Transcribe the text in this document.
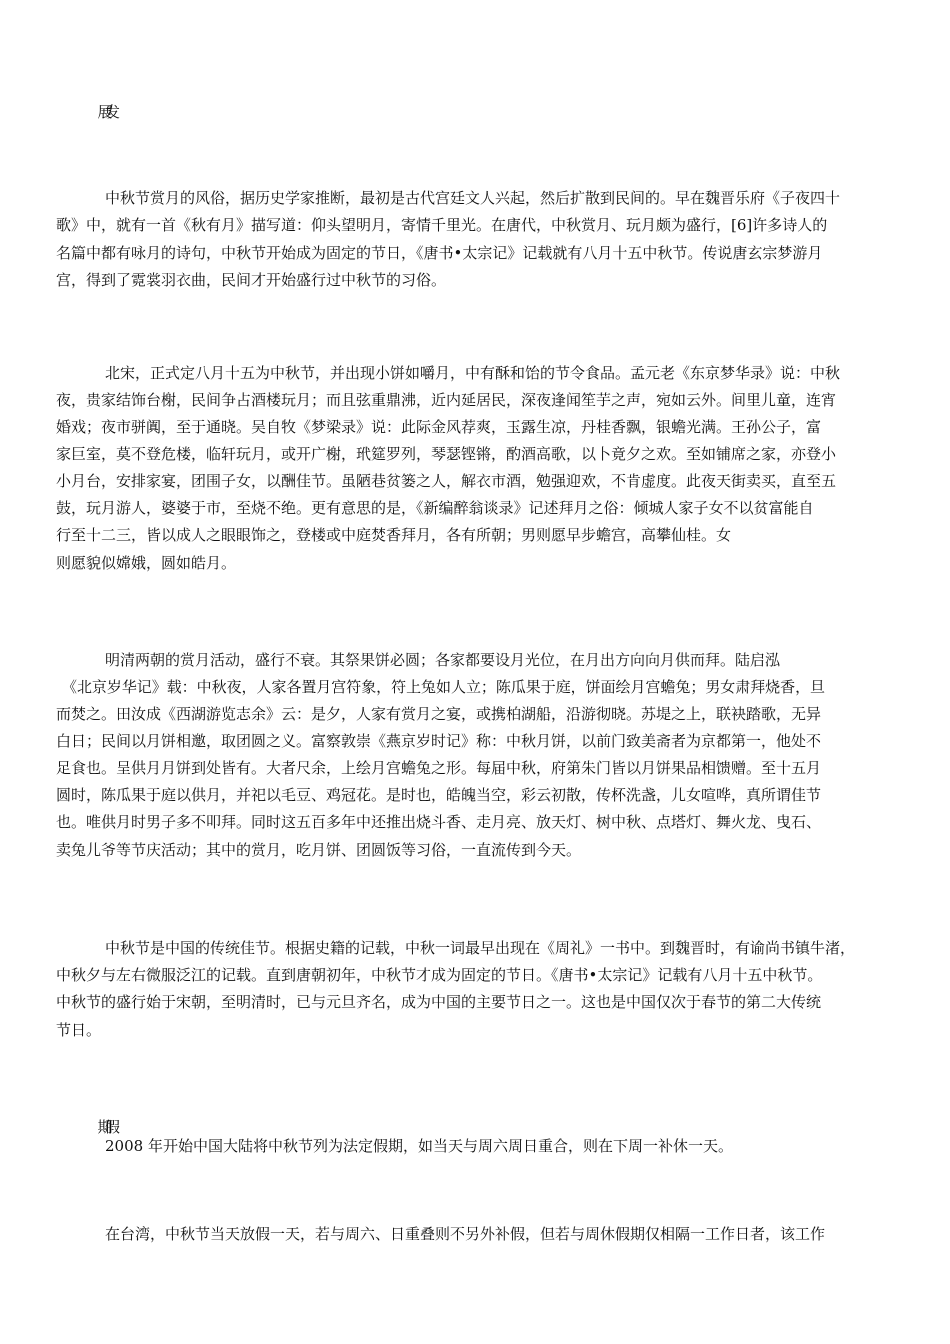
中秋节赏月的风俗，据历史学家推断，最初是古代宫廷文人兴起，然后扩散到民间的。早在魏晋乐府《子夜四十
歌》中，就有一首《秋有月》描写道：仰头望明月，寄情千里光。在唐代，中秋赏月、玩月颇为盛行，[6]许多诗人的
名篇中都有咏月的诗句，中秋节开始成为固定的节日，《唐书•太宗记》记载就有八月十五中秋节。传说唐玄宗梦游月
宫，得到了霓裳羽衣曲，民间才开始盛行过中秋节的习俗。
北宋，正式定八月十五为中秋节，并出现小饼如嚼月，中有酥和饴的节令食品。孟元老《东京梦华录》说：中秋
夜，贵家结饰台榭，民间争占酒楼玩月；而且弦重鼎沸，近内延居民，深夜逢闻笙芋之声，宛如云外。间里儿童，连宵
婚戏；夜市骈阗，至于通晓。吴自牧《梦梁录》说：此际金风荐爽，玉露生凉，丹桂香飘，银蟾光满。王孙公子，富
家巨室，莫不登危楼，临轩玩月，或开广榭，玳筵罗列，琴瑟铿锵，酌酒高歌，以卜竟夕之欢。至如铺席之家，亦登小
小月台，安排家宴，团围子女，以酬佳节。虽陋巷贫篓之人，解衣市酒，勉强迎欢，不肯虚度。此夜天街卖买，直至五
鼓，玩月游人，婆婆于市，至烧不绝。更有意思的是，《新编醉翁谈录》记述拜月之俗：倾城人家子女不以贫富能自
行至十二三，皆以成人之眼眼饰之，登楼或中庭焚香拜月，各有所朝；男则愿早步蟾宫，高攀仙桂。女
则愿貌似嫦娥，圆如皓月。
明清两朝的赏月活动，盛行不衰。其祭果饼必圆；各家都要设月光位，在月出方向向月供而拜。陆启泓
《北京岁华记》载：中秋夜，人家各置月宫符象，符上兔如人立；陈瓜果于庭，饼面绘月宫蟾兔；男女肃拜烧香，旦
而焚之。田汝成《西湖游览志余》云：是夕，人家有赏月之宴，或携柏湖船，沿游彻晓。苏堤之上，联袂踏歌，无异
白日；民间以月饼相邀，取团圆之义。富察敦崇《燕京岁时记》称：中秋月饼，以前门致美斋者为京都第一，他处不
足食也。呈供月月饼到处皆有。大者尺余，上绘月宫蟾兔之形。每届中秋，府第朱门皆以月饼果品相馈赠。至十五月
圆时，陈瓜果于庭以供月，并祀以毛豆、鸡冠花。是时也，皓魄当空，彩云初散，传杯洗盏，儿女喧哗，真所谓佳节
也。唯供月时男子多不叩拜。同时这五百多年中还推出烧斗香、走月亮、放天灯、树中秋、点塔灯、舞火龙、曳石、
卖兔儿爷等节庆活动；其中的赏月，吃月饼、团圆饭等习俗，一直流传到今天。
中秋节是中国的传统佳节。根据史籍的记载，中秋一词最早出现在《周礼》一书中。到魏晋时，有谕尚书镇牛渚，
中秋夕与左右微服泛江的记载。直到唐朝初年，中秋节才成为固定的节日。《唐书•太宗记》记载有八月十五中秋节。
中秋节的盛行始于宋朝，至明清时，已与元旦齐名，成为中国的主要节日之一。这也是中国仅次于春节的第二大传统
节日。
2008 年开始中国大陆将中秋节列为法定假期，如当天与周六周日重合，则在下周一补休一天。
在台湾，中秋节当天放假一天，若与周六、日重叠则不另外补假，但若与周休假期仅相隔一工作日者，该工作
